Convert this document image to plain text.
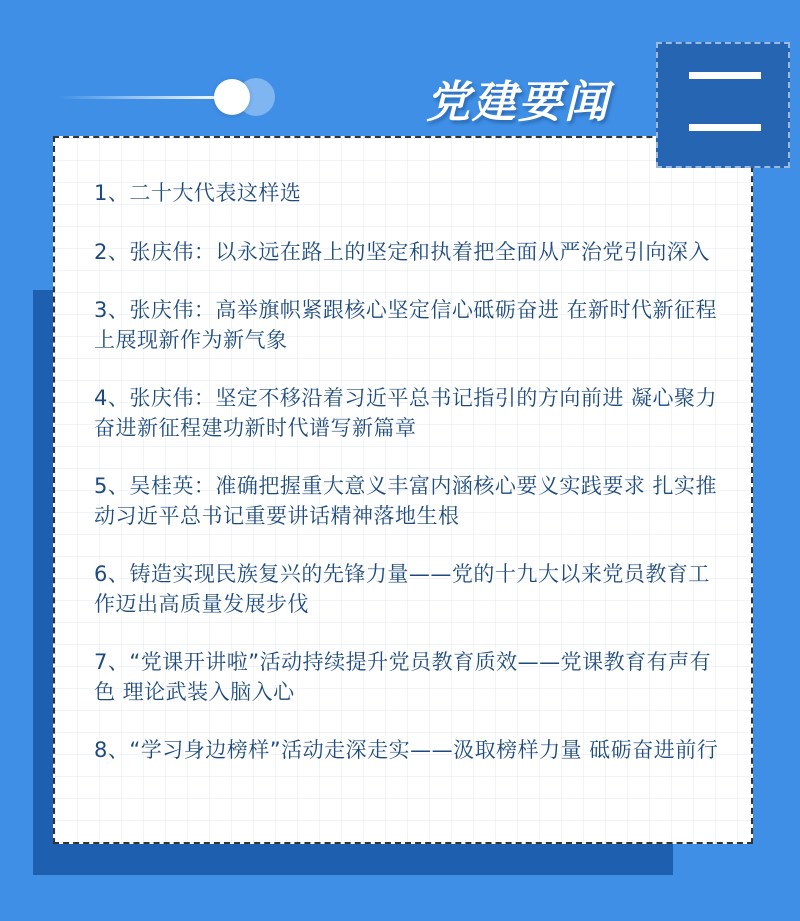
党建要闻
1、二十大代表这样选
2、张庆伟：以永远在路上的坚定和执着把全面从严治党引向深入
3、张庆伟：高举旗帜紧跟核心坚定信心砥砺奋进 在新时代新征程上展现新作为新气象
4、张庆伟：坚定不移沿着习近平总书记指引的方向前进 凝心聚力奋进新征程建功新时代谱写新篇章
5、吴桂英：准确把握重大意义丰富内涵核心要义实践要求 扎实推动习近平总书记重要讲话精神落地生根
6、铸造实现民族复兴的先锋力量——党的十九大以来党员教育工作迈出高质量发展步伐
7、“党课开讲啦”活动持续提升党员教育质效——党课教育有声有色 理论武装入脑入心
8、“学习身边榜样”活动走深走实——汲取榜样力量 砥砺奋进前行
